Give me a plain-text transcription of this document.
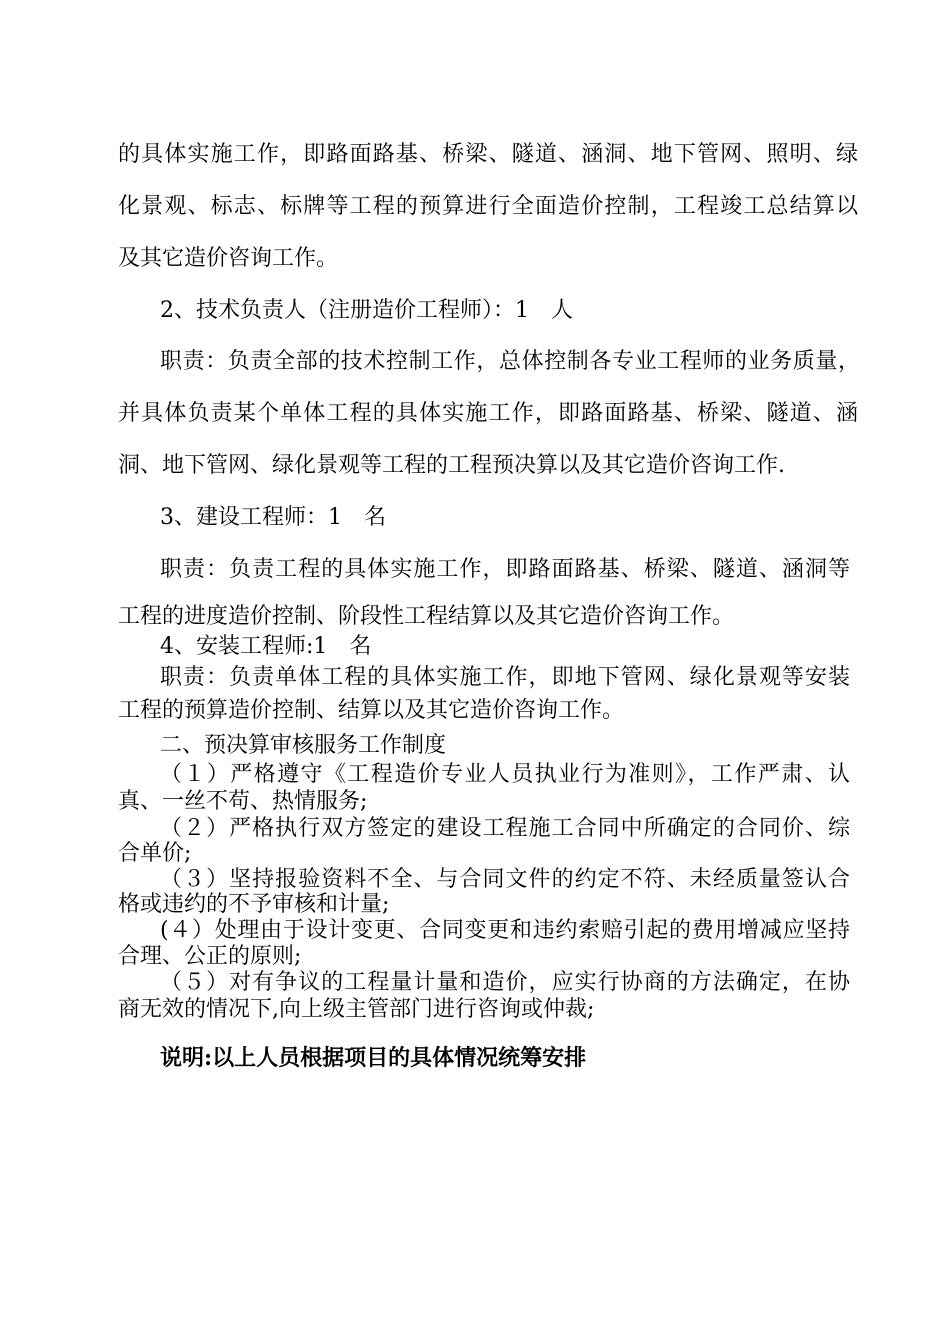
的具体实施工作，即路面路基、桥梁、隧道、涵洞、地下管网、照明、绿
化景观、标志、标牌等工程的预算进行全面造价控制，工程竣工总结算以
及其它造价咨询工作。
2、技术负责人（注册造价工程师）：1　人
职责：负责全部的技术控制工作，总体控制各专业工程师的业务质量，
并具体负责某个单体工程的具体实施工作，即路面路基、桥梁、隧道、涵
洞、地下管网、绿化景观等工程的工程预决算以及其它造价咨询工作.
3、建设工程师：1　名
职责：负责工程的具体实施工作，即路面路基、桥梁、隧道、涵洞等
工程的进度造价控制、阶段性工程结算以及其它造价咨询工作。
4、安装工程师:1　名
职责：负责单体工程的具体实施工作，即地下管网、绿化景观等安装
工程的预算造价控制、结算以及其它造价咨询工作。
二、预决算审核服务工作制度
（１）严格遵守《工程造价专业人员执业行为准则》，工作严肃、认
真、一丝不苟、热情服务;
（２）严格执行双方签定的建设工程施工合同中所确定的合同价、综
合单价;
（３）坚持报验资料不全、与合同文件的约定不符、未经质量签认合
格或违约的不予审核和计量;
(４）处理由于设计变更、合同变更和违约索赔引起的费用增减应坚持
合理、公正的原则;
（５）对有争议的工程量计量和造价，应实行协商的方法确定，在协
商无效的情况下,向上级主管部门进行咨询或仲裁;
说明:以上人员根据项目的具体情况统筹安排
